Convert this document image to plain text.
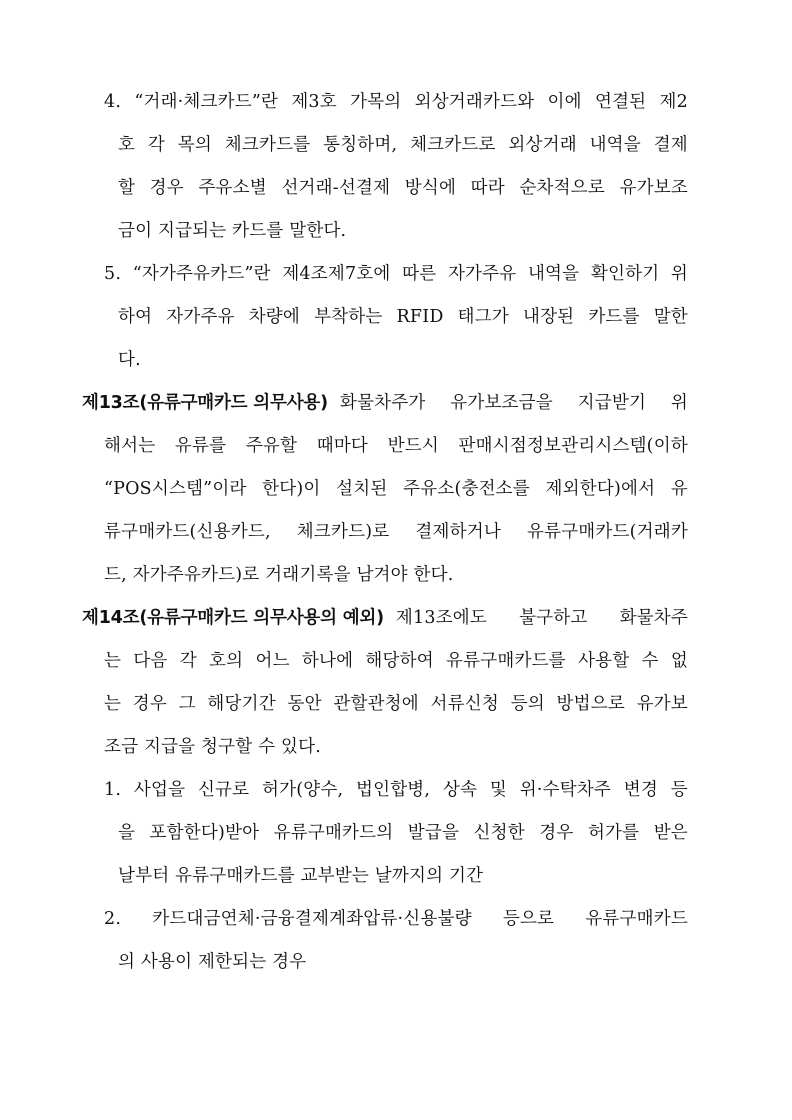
4. “거래·체크카드”란 제3호 가목의 외상거래카드와 이에 연결된 제2
호 각 목의 체크카드를 통칭하며, 체크카드로 외상거래 내역을 결제
할 경우 주유소별 선거래-선결제 방식에 따라 순차적으로 유가보조
금이 지급되는 카드를 말한다.
5. “자가주유카드”란 제4조제7호에 따른 자가주유 내역을 확인하기 위
하여 자가주유 차량에 부착하는 RFID 태그가 내장된 카드를 말한
다.
제13조(유류구매카드 의무사용) 화물차주가 유가보조금을 지급받기 위
해서는 유류를 주유할 때마다 반드시 판매시점정보관리시스템(이하
“POS시스템”이라 한다)이 설치된 주유소(충전소를 제외한다)에서 유
류구매카드(신용카드, 체크카드)로 결제하거나 유류구매카드(거래카
드, 자가주유카드)로 거래기록을 남겨야 한다.
제14조(유류구매카드 의무사용의 예외) 제13조에도 불구하고 화물차주
는 다음 각 호의 어느 하나에 해당하여 유류구매카드를 사용할 수 없
는 경우 그 해당기간 동안 관할관청에 서류신청 등의 방법으로 유가보
조금 지급을 청구할 수 있다.
1. 사업을 신규로 허가(양수, 법인합병, 상속 및 위·수탁차주 변경 등
을 포함한다)받아 유류구매카드의 발급을 신청한 경우 허가를 받은
날부터 유류구매카드를 교부받는 날까지의 기간
2. 카드대금연체·금융결제계좌압류·신용불량 등으로 유류구매카드
의 사용이 제한되는 경우
